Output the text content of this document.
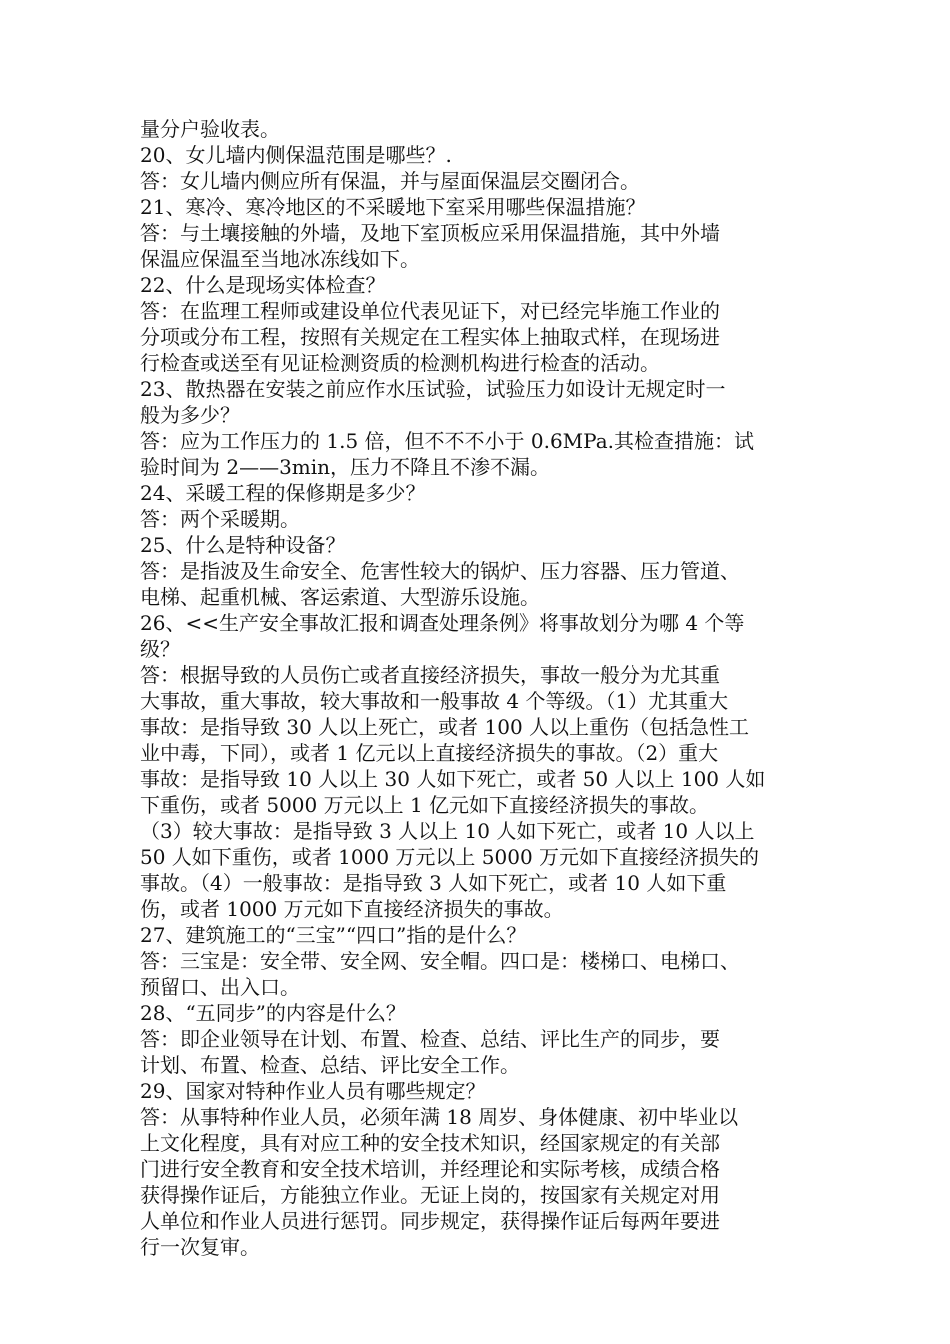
量分户验收表。
20、女儿墙内侧保温范围是哪些？.
答：女儿墙内侧应所有保温，并与屋面保温层交圈闭合。
21、寒冷、寒冷地区的不采暖地下室采用哪些保温措施？
答：与土壤接触的外墙，及地下室顶板应采用保温措施，其中外墙
保温应保温至当地冰冻线如下。
22、什么是现场实体检查？
答：在监理工程师或建设单位代表见证下，对已经完毕施工作业的
分项或分布工程，按照有关规定在工程实体上抽取式样，在现场进
行检查或送至有见证检测资质的检测机构进行检查的活动。
23、散热器在安装之前应作水压试验，试验压力如设计无规定时一
般为多少？
答：应为工作压力的 1.5 倍，但不不不小于 0.6MPa.其检查措施：试
验时间为 2——3min，压力不降且不渗不漏。
24、采暖工程的保修期是多少？
答：两个采暖期。
25、什么是特种设备？
答：是指波及生命安全、危害性较大的锅炉、压力容器、压力管道、
电梯、起重机械、客运索道、大型游乐设施。
26、<<生产安全事故汇报和调查处理条例》将事故划分为哪 4 个等
级？
答：根据导致的人员伤亡或者直接经济损失，事故一般分为尤其重
大事故，重大事故，较大事故和一般事故 4 个等级。（1）尤其重大
事故：是指导致 30 人以上死亡，或者 100 人以上重伤（包括急性工
业中毒，下同），或者 1 亿元以上直接经济损失的事故。（2）重大
事故：是指导致 10 人以上 30 人如下死亡，或者 50 人以上 100 人如
下重伤，或者 5000 万元以上 1 亿元如下直接经济损失的事故。
（3）较大事故：是指导致 3 人以上 10 人如下死亡，或者 10 人以上
50 人如下重伤，或者 1000 万元以上 5000 万元如下直接经济损失的
事故。（4）一般事故：是指导致 3 人如下死亡，或者 10 人如下重
伤，或者 1000 万元如下直接经济损失的事故。
27、建筑施工的“三宝”“四口”指的是什么？
答：三宝是：安全带、安全网、安全帽。四口是：楼梯口、电梯口、
预留口、出入口。
28、“五同步”的内容是什么？
答：即企业领导在计划、布置、检查、总结、评比生产的同步，要
计划、布置、检查、总结、评比安全工作。
29、国家对特种作业人员有哪些规定？
答：从事特种作业人员，必须年满 18 周岁、身体健康、初中毕业以
上文化程度，具有对应工种的安全技术知识，经国家规定的有关部
门进行安全教育和安全技术培训，并经理论和实际考核，成绩合格
获得操作证后，方能独立作业。无证上岗的，按国家有关规定对用
人单位和作业人员进行惩罚。同步规定，获得操作证后每两年要进
行一次复审。
